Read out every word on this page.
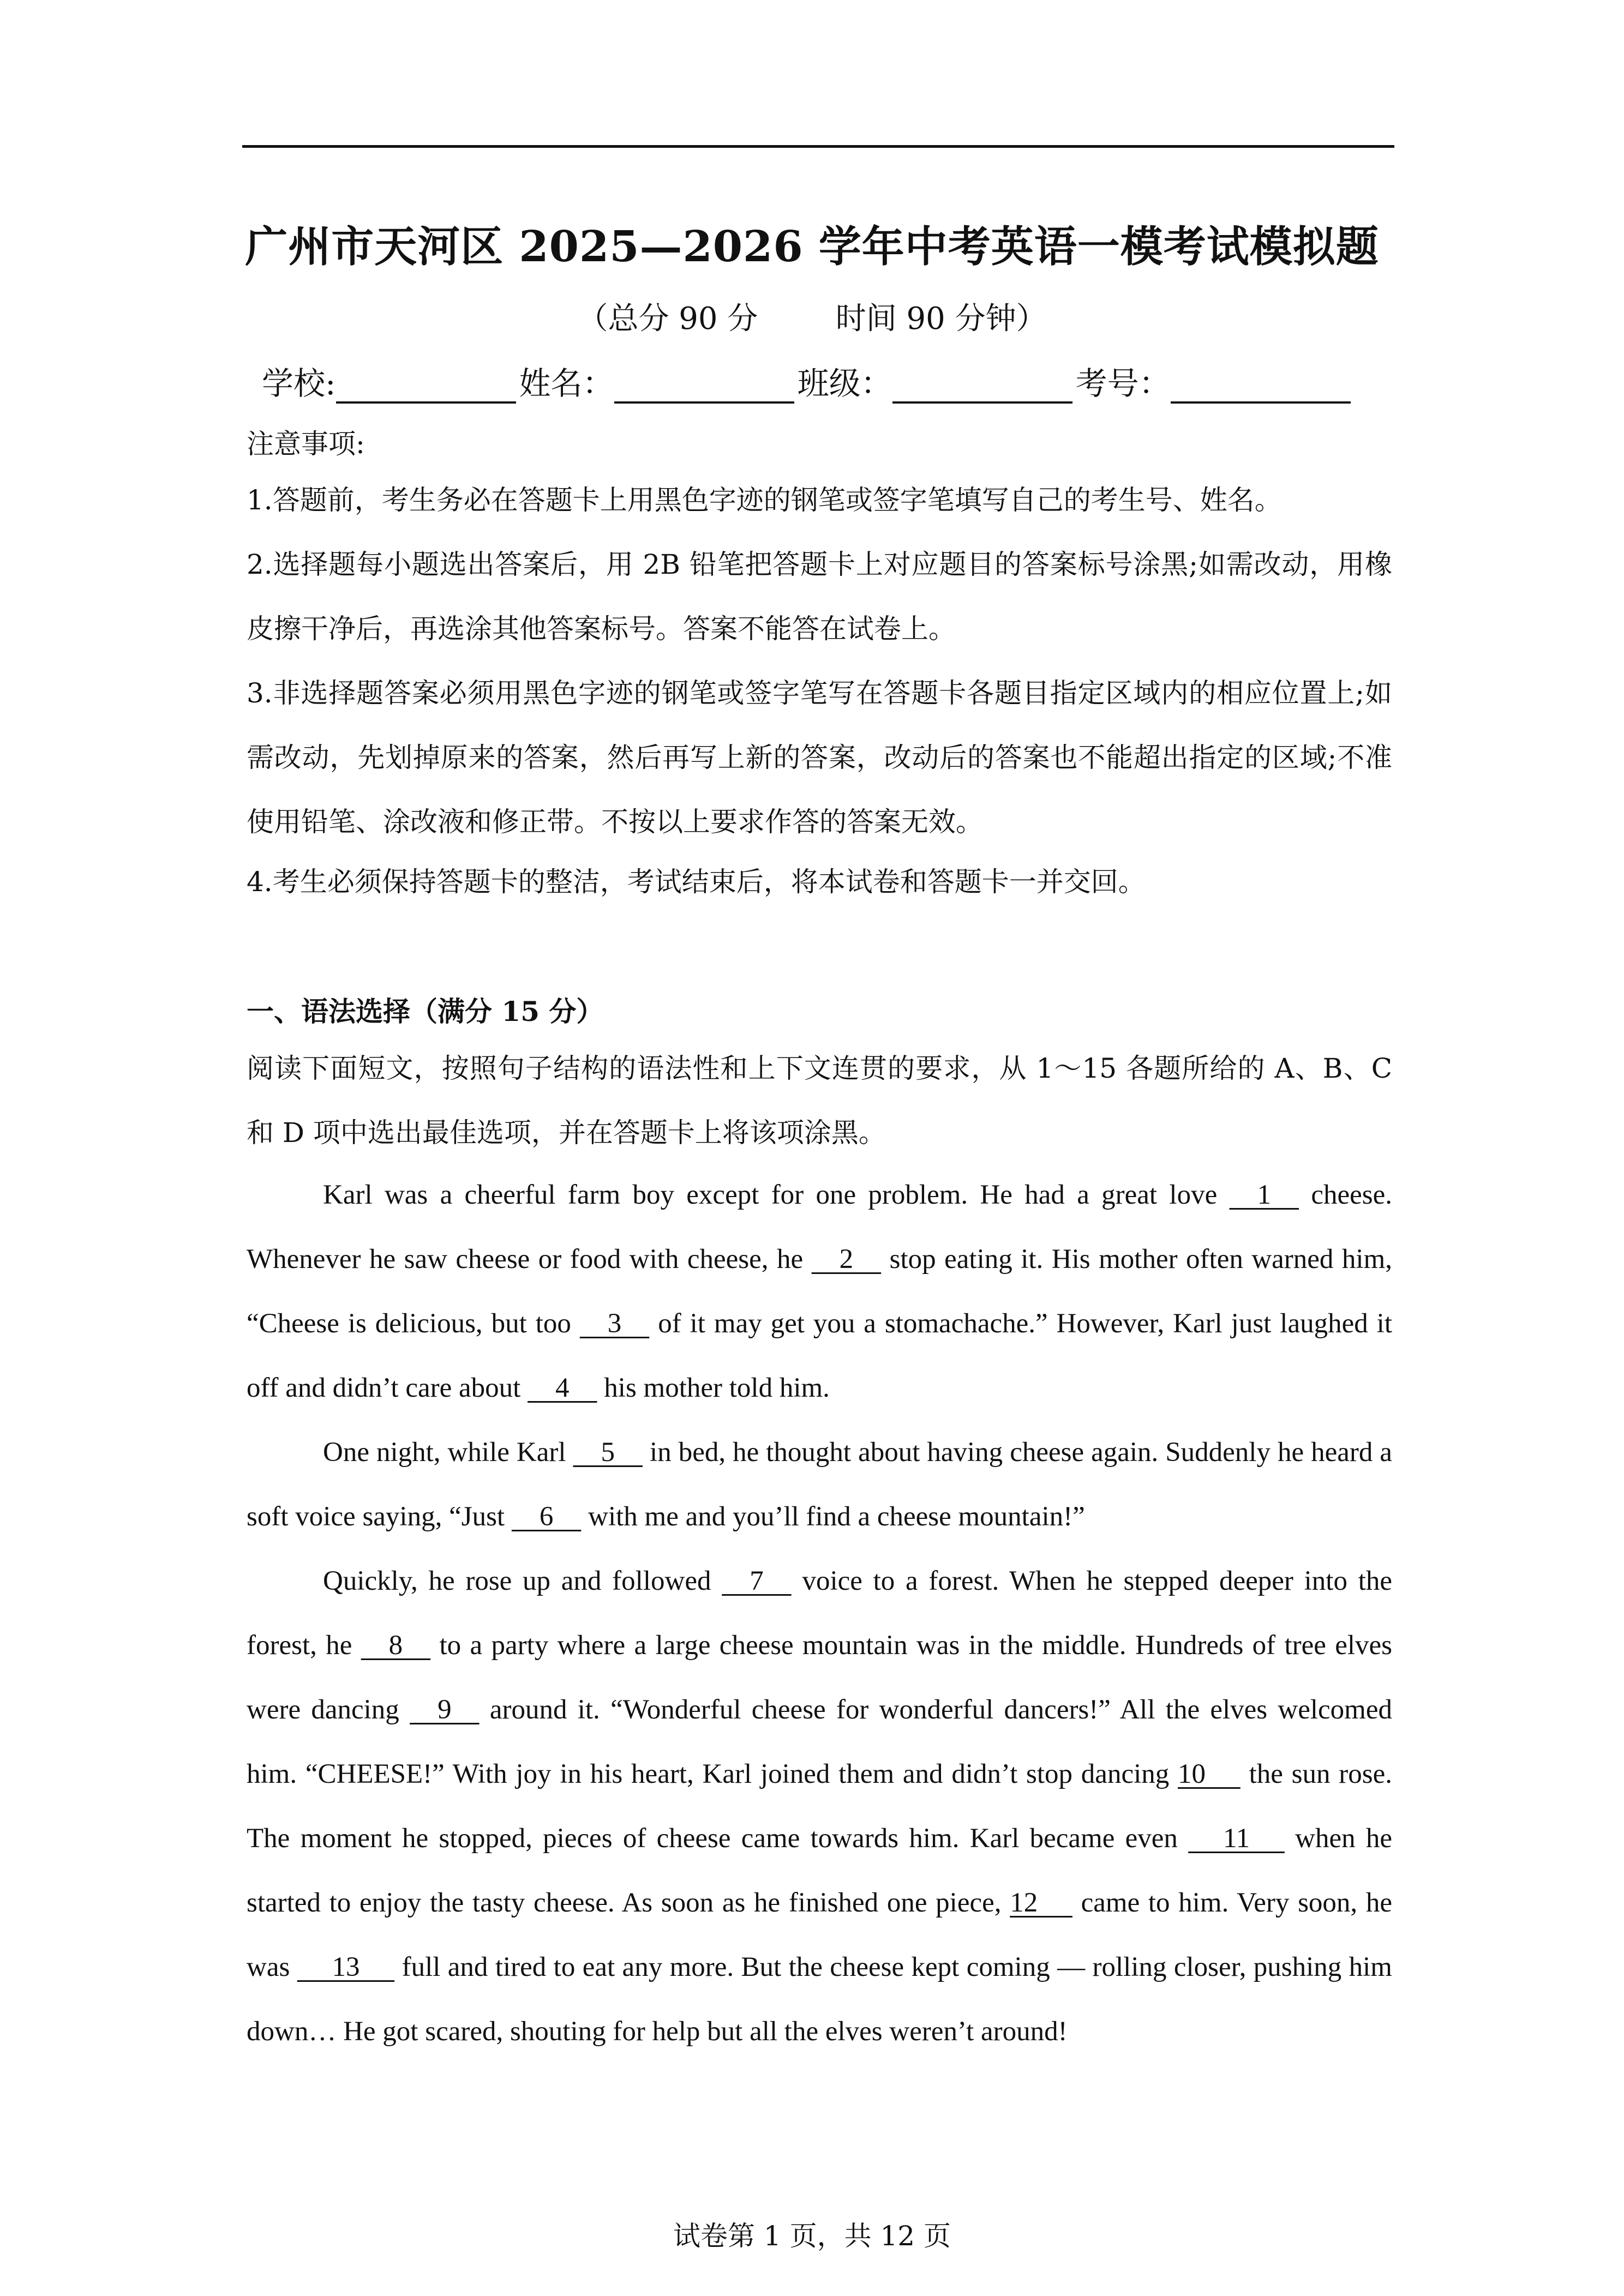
广州市天河区 2025—2026 学年中考英语一模考试模拟题
（总分 90 分        时间 90 分钟）
学校:	姓名：	班级：	考号：
注意事项:

1.答题前，考生务必在答题卡上用黑色字迹的钢笔或签字笔填写自己的考生号、姓名。

2.选择题每小题选出答案后，用 2B 铅笔把答题卡上对应题目的答案标号涂黑;如需改动，用橡皮擦干净后，再选涂其他答案标号。答案不能答在试卷上。

3.非选择题答案必须用黑色字迹的钢笔或签字笔写在答题卡各题目指定区域内的相应位置上;如需改动，先划掉原来的答案，然后再写上新的答案，改动后的答案也不能超出指定的区域;不准使用铅笔、涂改液和修正带。不按以上要求作答的答案无效。

4.考生必须保持答题卡的整洁，考试结束后，将本试卷和答题卡一并交回。

一、语法选择（满分 15 分）

阅读下面短文，按照句子结构的语法性和上下文连贯的要求，从 1～15 各题所给的 A、B、C 和 D 项中选出最佳选项，并在答题卡上将该项涂黑。

Karl was a cheerful farm boy except for one problem. He had a great love     1     cheese. Whenever he saw cheese or food with cheese, he     2     stop eating it. His mother often warned him, “Cheese is delicious, but too     3     of it may get you a stomachache.” However, Karl just laughed it off and didn’t care about     4     his mother told him.

One night, while Karl     5     in bed, he thought about having cheese again. Suddenly he heard a soft voice saying, “Just     6     with me and you’ll find a cheese mountain!”

Quickly, he rose up and followed     7     voice to a forest. When he stepped deeper into the forest, he     8     to a party where a large cheese mountain was in the middle. Hundreds of tree elves were dancing     9     around it. “Wonderful cheese for wonderful dancers!” All the elves welcomed him. “CHEESE!” With joy in his heart, Karl joined them and didn’t stop dancing 10      the sun rose. The moment he stopped, pieces of cheese came towards him. Karl became even      11      when he started to enjoy the tasty cheese. As soon as he finished one piece, 12      came to him. Very soon, he was      13      full and tired to eat any more. But the cheese kept coming — rolling closer, pushing him down… He got scared, shouting for help but all the elves weren’t around!

试卷第 1 页，共 12 页
